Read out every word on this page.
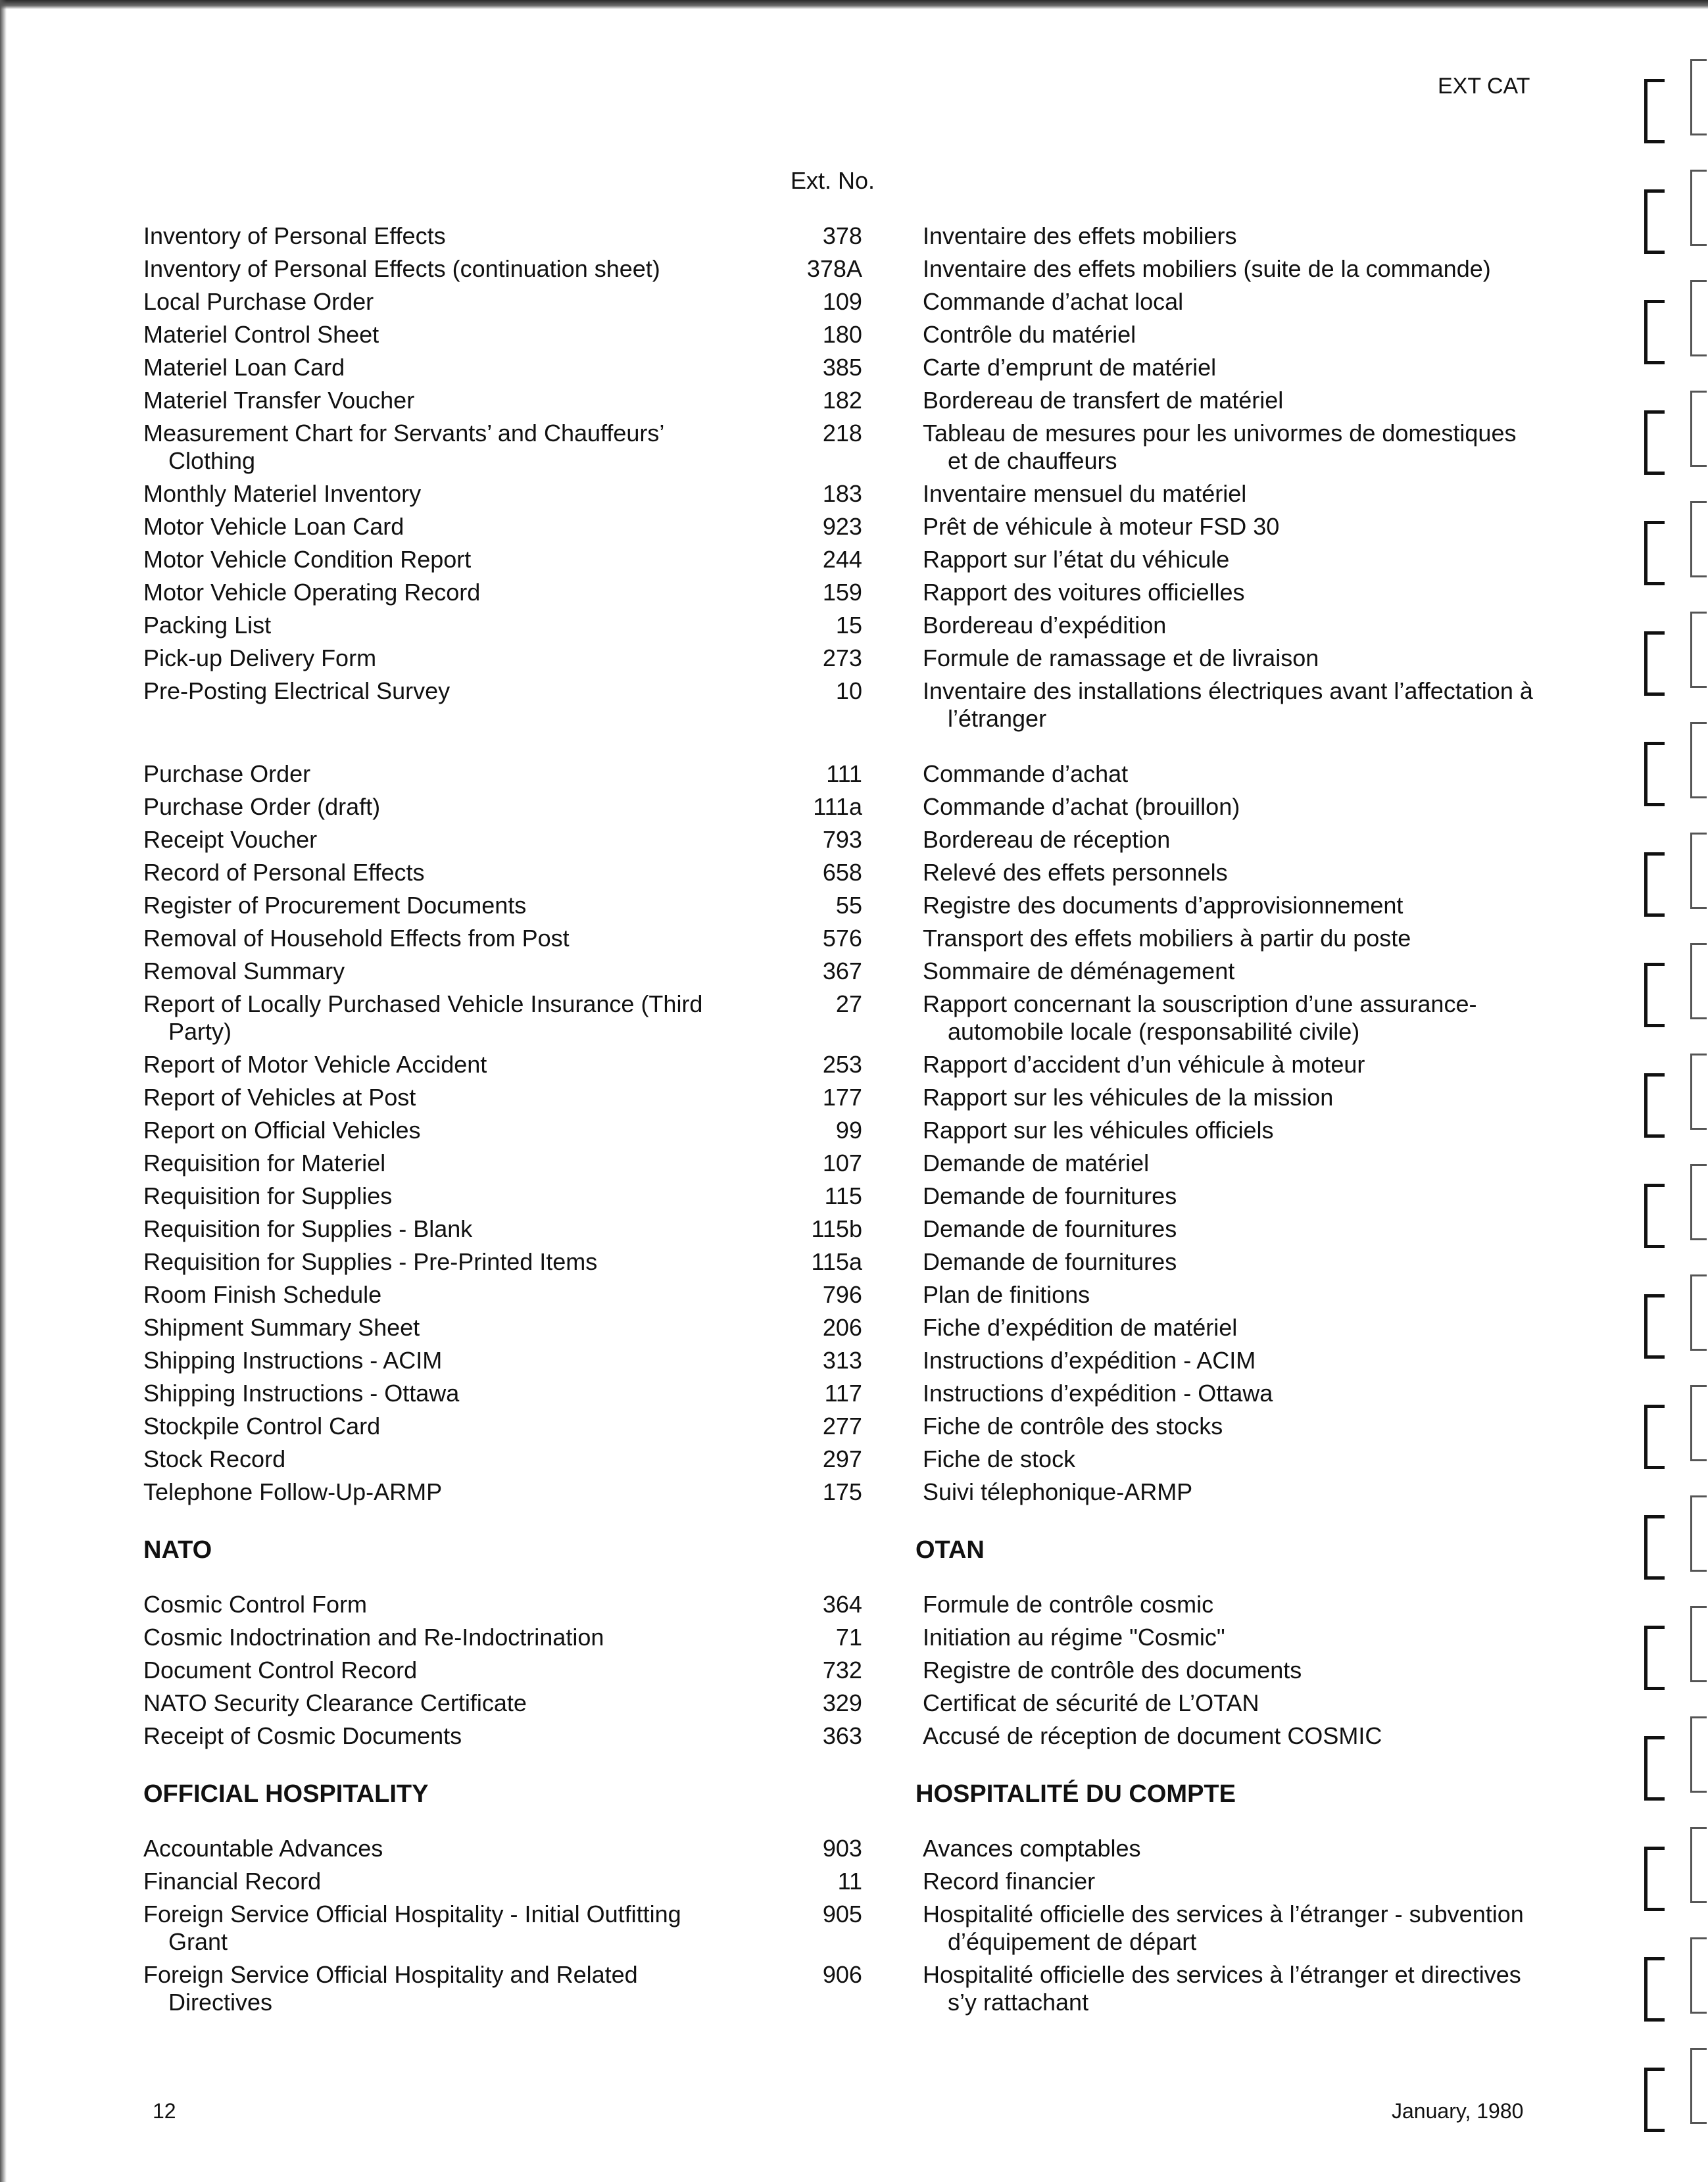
EXT CAT
Ext. No.
Inventory of Personal Effects	378	Inventaire des effets mobiliers
Inventory of Personal Effects (continuation sheet)	378A	Inventaire des effets mobiliers (suite de la commande)
Local Purchase Order	109	Commande d’achat local
Materiel Control Sheet	180	Contrôle du matériel
Materiel Loan Card	385	Carte d’emprunt de matériel
Materiel Transfer Voucher	182	Bordereau de transfert de matériel
Measurement Chart for Servants’ and Chauffeurs’ Clothing
218	Tableau de mesures pour les univormes de domestiques et de chauffeurs
Monthly Materiel Inventory	183	Inventaire mensuel du matériel
Motor Vehicle Loan Card	923	Prêt de véhicule à moteur FSD 30
Motor Vehicle Condition Report	244	Rapport sur l’état du véhicule
Motor Vehicle Operating Record	159	Rapport des voitures officielles
Packing List	15	Bordereau d’expédition
Pick-up Delivery Form	273	Formule de ramassage et de livraison
Pre-Posting Electrical Survey	10	Inventaire des installations électriques avant l’affectation à l’étranger
Purchase Order	111	Commande d’achat
Purchase Order (draft)	111a	Commande d’achat (brouillon)
Receipt Voucher	793	Bordereau de réception
Record of Personal Effects	658	Relevé des effets personnels
Register of Procurement Documents	55	Registre des documents d’approvisionnement
Removal of Household Effects from Post	576	Transport des effets mobiliers à partir du poste
Removal Summary	367	Sommaire de déménagement
Report of Locally Purchased Vehicle Insurance (Third Party)
27	Rapport concernant la souscription d’une assurance-automobile locale (responsabilité civile)
Report of Motor Vehicle Accident	253	Rapport d’accident d’un véhicule à moteur
Report of Vehicles at Post	177	Rapport sur les véhicules de la mission
Report on Official Vehicles	99	Rapport sur les véhicules officiels
Requisition for Materiel	107	Demande de matériel
Requisition for Supplies	115	Demande de fournitures
Requisition for Supplies - Blank	115b	Demande de fournitures
Requisition for Supplies - Pre-Printed Items	115a	Demande de fournitures
Room Finish Schedule	796	Plan de finitions
Shipment Summary Sheet	206	Fiche d’expédition de matériel
Shipping Instructions - ACIM	313	Instructions d’expédition - ACIM
Shipping Instructions - Ottawa	117	Instructions d’expédition - Ottawa
Stockpile Control Card	277	Fiche de contrôle des stocks
Stock Record	297	Fiche de stock
Telephone Follow-Up-ARMP	175	Suivi télephonique-ARMP
NATO	OTAN
Cosmic Control Form	364	Formule de contrôle cosmic
Cosmic Indoctrination and Re-Indoctrination	71	Initiation au régime "Cosmic"
Document Control Record	732	Registre de contrôle des documents
NATO Security Clearance Certificate	329	Certificat de sécurité de L’OTAN
Receipt of Cosmic Documents	363	Accusé de réception de document COSMIC
OFFICIAL HOSPITALITY	HOSPITALITÉ DU COMPTE
Accountable Advances	903	Avances comptables
Financial Record	11	Record financier
Foreign Service Official Hospitality - Initial Outfitting Grant
905	Hospitalité officielle des services à l’étranger - subvention d’équipement de départ
Foreign Service Official Hospitality and Related Directives
906	Hospitalité officielle des services à l’étranger et directives s’y rattachant
12	January, 1980
